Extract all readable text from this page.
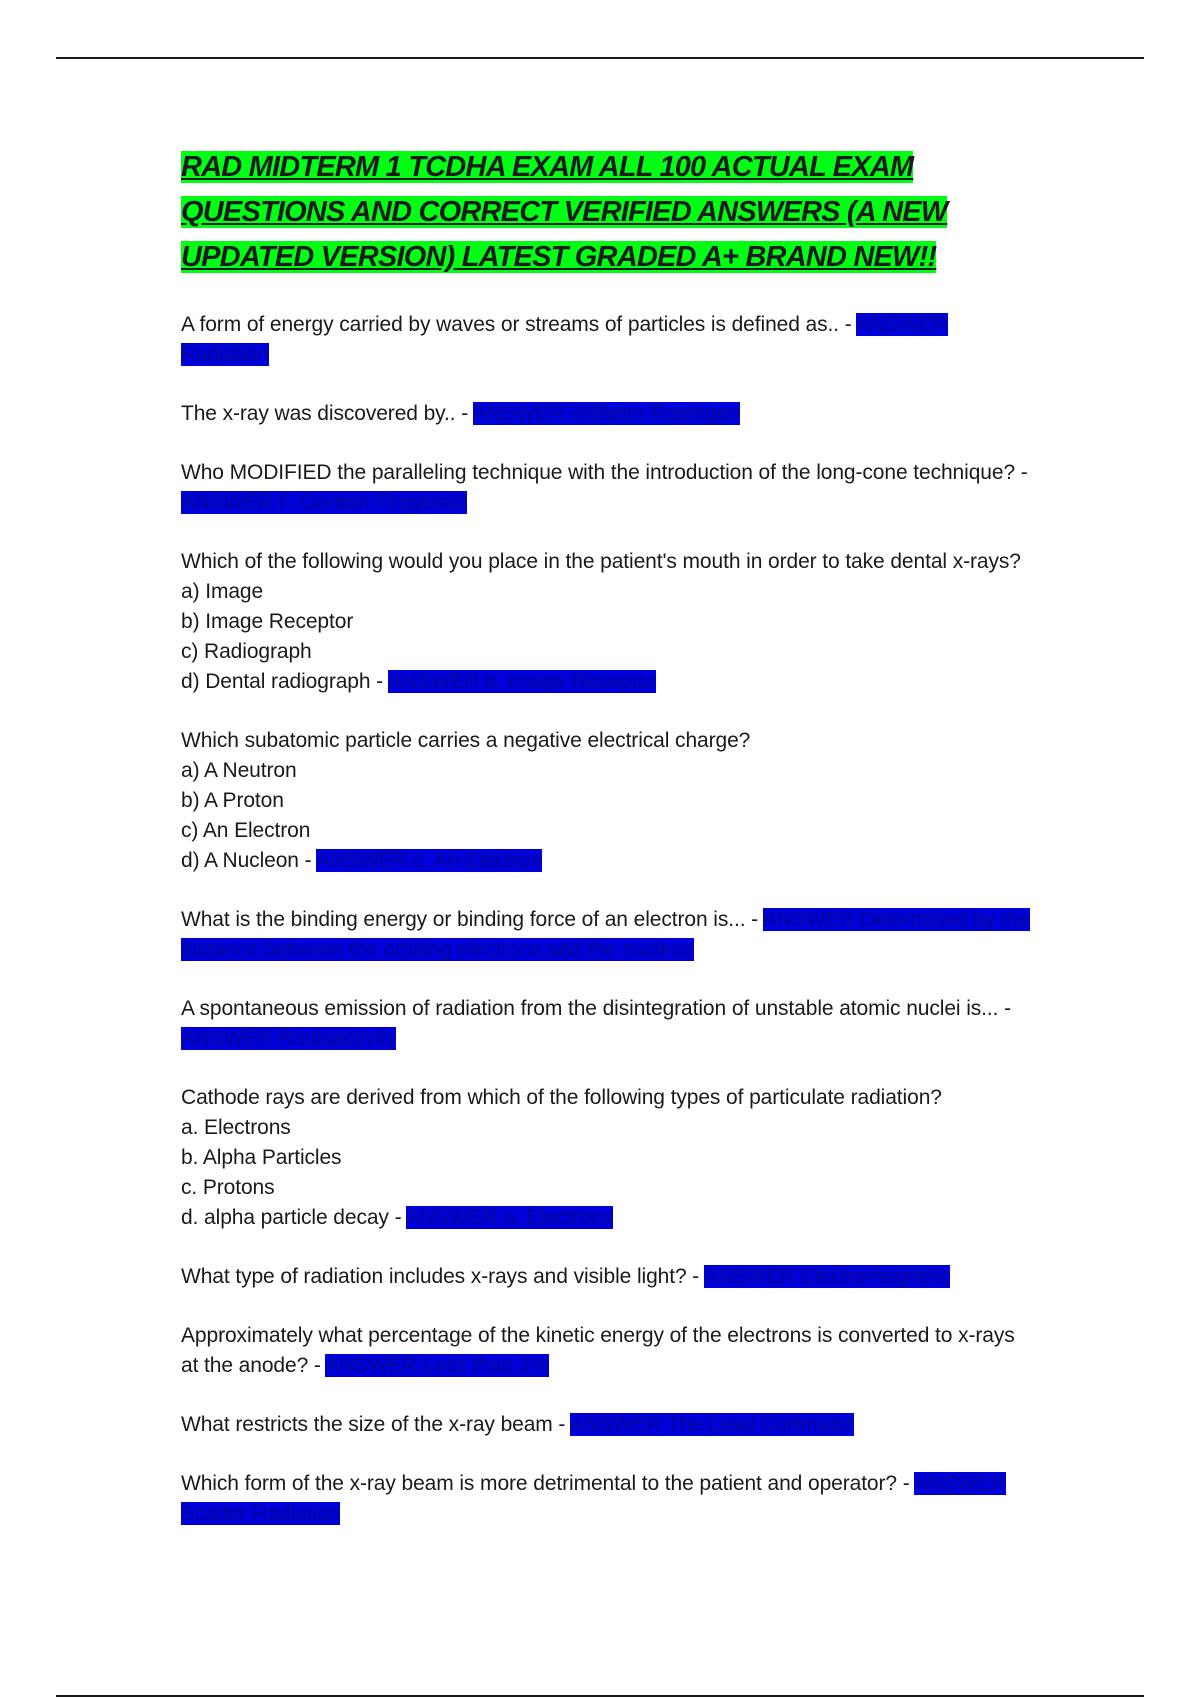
RAD MIDTERM 1 TCDHA EXAM ALL 100 ACTUAL EXAM QUESTIONS AND CORRECT VERIFIED ANSWERS (A NEW UPDATED VERSION) LATEST GRADED A+ BRAND NEW!!
A form of energy carried by waves or streams of particles is defined as.. - ANSWER Radiation
The x-ray was discovered by.. - ANSWER Wilhelm Roentgen
Who MODIFIED the paralleling technique with the introduction of the long-cone technique? - ANSWER F. Gordon Fitzgerald
Which of the following would you place in the patient's mouth in order to take dental x-rays?
a) Image
b) Image Receptor
c) Radiograph
d) Dental radiograph - ANSWER b. Image Receptor
Which subatomic particle carries a negative electrical charge?
a) A Neutron
b) A Proton
c) An Electron
d) A Nucleon - ANSWER c. An Electron
What is the binding energy or binding force of an electron is... - ANSWER Determined by the distance between the orbiting electrons and the nucleus
A spontaneous emission of radiation from the disintegration of unstable atomic nuclei is... - ANSWER Radioactivity
Cathode rays are derived from which of the following types of particulate radiation?
a. Electrons
b. Alpha Particles
c. Protons
d. alpha particle decay - ANSWER a. Electrons
What type of radiation includes x-rays and visible light? - ANSWER Electromagnetic
Approximately what percentage of the kinetic energy of the electrons is converted to x-rays at the anode? - ANSWER Less than 1%
What restricts the size of the x-ray beam - ANSWER The Lead Collimator
Which form of the x-ray beam is more detrimental to the patient and operator? - ANSWER Scatter Radiation
